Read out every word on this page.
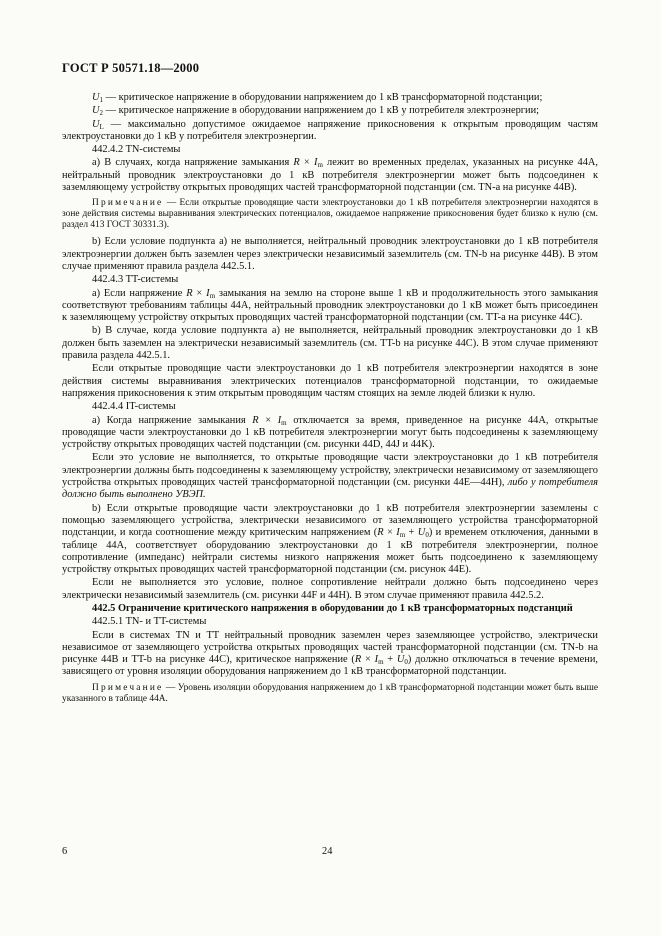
ГОСТ Р 50571.18—2000

$U_1$ — критическое напряжение в оборудовании напряжением до 1 кВ трансформаторной подстанции;

$U_2$ — критическое напряжение в оборудовании напряжением до 1 кВ у потребителя электроэнергии;

$U_L$ — максимально допустимое ожидаемое напряжение прикосновения к открытым проводящим частям электроустановки до 1 кВ у потребителя электроэнергии.

442.4.2 TN-системы

a) В случаях, когда напряжение замыкания $R \times I_m$ лежит во временных пределах, указанных на рисунке 44А, нейтральный проводник электроустановки до 1 кВ потребителя электроэнергии может быть подсоединен к заземляющему устройству открытых проводящих частей трансформаторной подстанции (см. TN-a на рисунке 44В).

Примечание — Если открытые проводящие части электроустановки до 1 кВ потребителя электроэнергии находятся в зоне действия системы выравнивания электрических потенциалов, ожидаемое напряжение прикосновения будет близко к нулю (см. раздел 413 ГОСТ 30331.3).

b) Если условие подпункта а) не выполняется, нейтральный проводник электроустановки до 1 кВ потребителя электроэнергии должен быть заземлен через электрически независимый заземлитель (см. TN-b на рисунке 44В). В этом случае применяют правила раздела 442.5.1.

442.4.3 TT-системы

a) Если напряжение $R \times I_m$ замыкания на землю на стороне выше 1 кВ и продолжительность этого замыкания соответствуют требованиям таблицы 44А, нейтральный проводник электроустановки до 1 кВ может быть присоединен к заземляющему устройству открытых проводящих частей трансформаторной подстанции (см. TT-a на рисунке 44С).

b) В случае, когда условие подпункта а) не выполняется, нейтральный проводник электроустановки до 1 кВ должен быть заземлен на электрически независимый заземлитель (см. TT-b на рисунке 44С). В этом случае применяют правила раздела 442.5.1.

Если открытые проводящие части электроустановки до 1 кВ потребителя электроэнергии находятся в зоне действия системы выравнивания электрических потенциалов трансформаторной подстанции, то ожидаемые напряжения прикосновения к этим открытым проводящим частям стоящих на земле людей близки к нулю.

442.4.4 IT-системы

a) Когда напряжение замыкания $R \times I_m$ отключается за время, приведенное на рисунке 44А, открытые проводящие части электроустановки до 1 кВ потребителя электроэнергии могут быть подсоединены к заземляющему устройству открытых проводящих частей подстанции (см. рисунки 44D, 44J и 44K).

Если это условие не выполняется, то открытые проводящие части электроустановки до 1 кВ потребителя электроэнергии должны быть подсоединены к заземляющему устройству, электрически независимому от заземляющего устройства открытых проводящих частей трансформаторной подстанции (см. рисунки 44E—44H), либо у потребителя должно быть выполнено УВЭП.

b) Если открытые проводящие части электроустановки до 1 кВ потребителя электроэнергии заземлены с помощью заземляющего устройства, электрически независимого от заземляющего устройства трансформаторной подстанции, и когда соотношение между критическим напряжением $(R \times I_m + U_0)$ и временем отключения, данными в таблице 44А, соответствует оборудованию электроустановки до 1 кВ потребителя электроэнергии, полное сопротивление (импеданс) нейтрали системы низкого напряжения может быть подсоединено к заземляющему устройству открытых проводящих частей трансформаторной подстанции (см. рисунок 44Е).

Если не выполняется это условие, полное сопротивление нейтрали должно быть подсоединено через электрически независимый заземлитель (см. рисунки 44F и 44H). В этом случае применяют правила 442.5.2.

442.5 Ограничение критического напряжения в оборудовании до 1 кВ трансформаторных подстанций

442.5.1 TN- и TT-системы

Если в системах TN и TT нейтральный проводник заземлен через заземляющее устройство, электрически независимое от заземляющего устройства открытых проводящих частей трансформаторной подстанции (см. TN-b на рисунке 44В и TT-b на рисунке 44С), критическое напряжение $(R \times I_m + U_0)$ должно отключаться в течение времени, зависящего от уровня изоляции оборудования напряжением до 1 кВ трансформаторной подстанции.

Примечание — Уровень изоляции оборудования напряжением до 1 кВ трансформаторной подстанции может быть выше указанного в таблице 44А.

6	24
